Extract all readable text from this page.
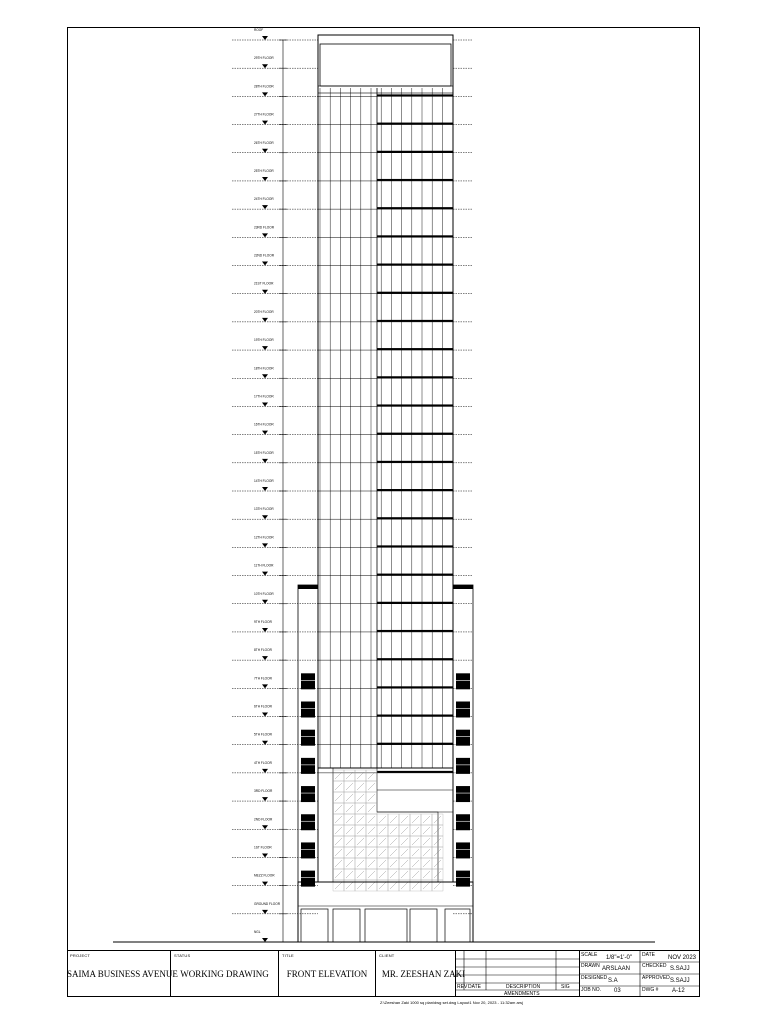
ROOF
29TH FLOOR
28TH FLOOR
27TH FLOOR
26TH FLOOR
25TH FLOOR
24TH FLOOR
23RD FLOOR
22ND FLOOR
21ST FLOOR
20TH FLOOR
19TH FLOOR
18TH FLOOR
17TH FLOOR
16TH FLOOR
15TH FLOOR
14TH FLOOR
13TH FLOOR
12TH FLOOR
11TH FLOOR
10TH FLOOR
9TH FLOOR
8TH FLOOR
7TH FLOOR
6TH FLOOR
5TH FLOOR
4TH FLOOR
3RD FLOOR
2ND FLOOR
1ST FLOOR
MEZZ FLOOR
GROUND FLOOR
NGL
PROJECT
SAIMA BUSINESS AVENUE
STATUS
WORKING DRAWING
TITLE
FRONT ELEVATION
CLIENT
MR. ZEESHAN ZAKI
REV DATE	DESCRIPTION	SIG
AMENDMENTS
SCALE 1/8"=1'-0" DATE NOV 2023
DRAWN ARSLAAN CHECKED S.SAJJ
DESIGNED S.A	APPROVED S.SAJJ
JOB NO. 03	DWG # A-12
Z:\Zeeshan Zaki 1000 sq plan\dwg set.dwg Layout1 Nov 20, 2023 - 11:32am arsj
